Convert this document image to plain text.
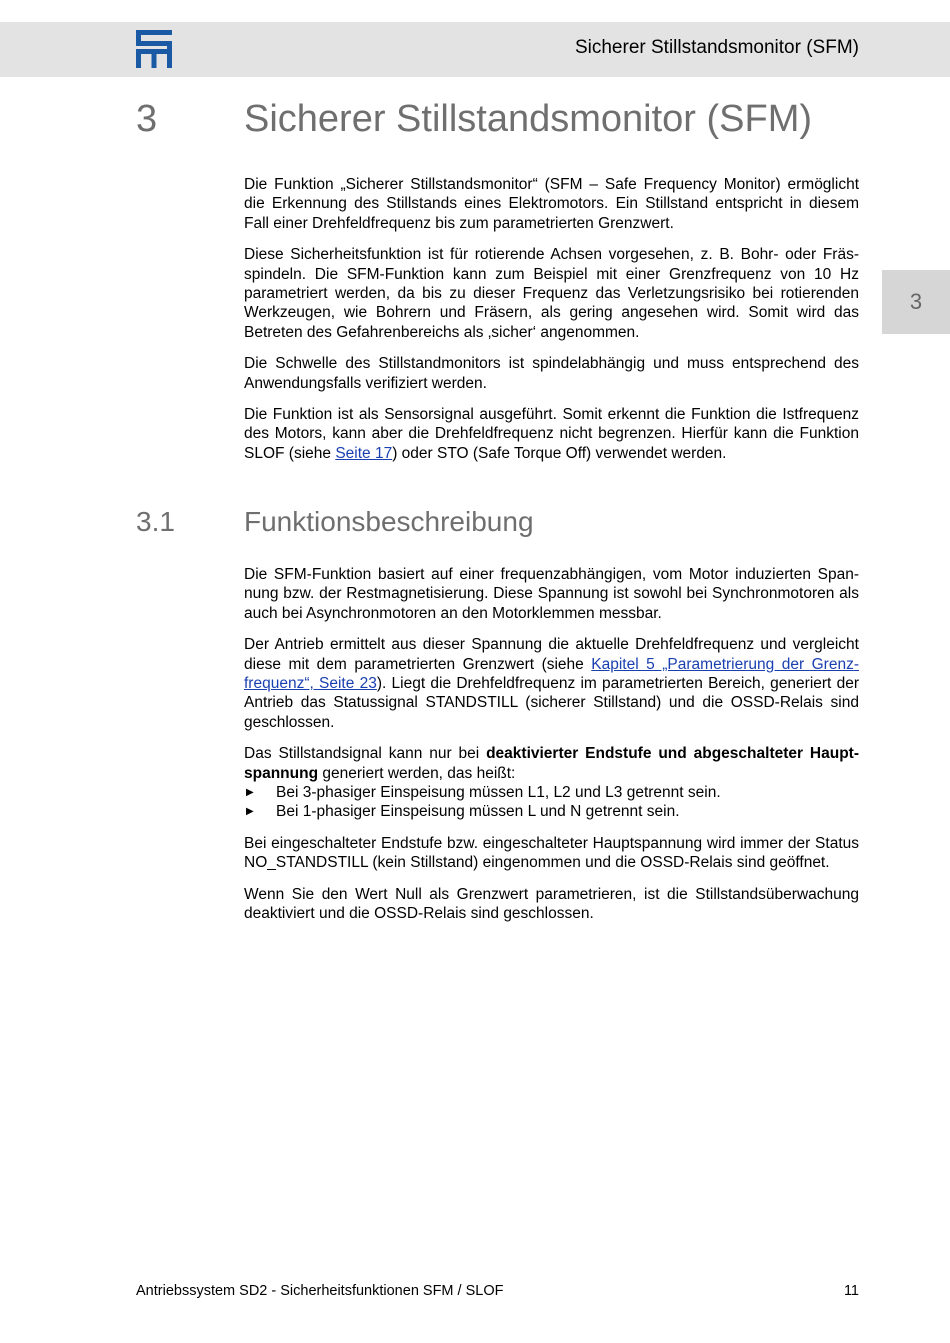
Sicherer Stillstandsmonitor (SFM)
3
3 Sicherer Stillstandsmonitor (SFM)

Die Funktion „Sicherer Stillstandsmonitor“ (SFM – Safe Frequency Monitor) ermöglicht die Erkennung des Stillstands eines Elektromotors. Ein Stillstand entspricht in diesem Fall einer Drehfeldfrequenz bis zum parametrierten Grenzwert.

Diese Sicherheitsfunktion ist für rotierende Achsen vorgesehen, z. B. Bohr- oder Frässpindeln. Die SFM-Funktion kann zum Beispiel mit einer Grenzfrequenz von 10 Hz parametriert werden, da bis zu dieser Frequenz das Verletzungsrisiko bei rotierenden Werkzeugen, wie Bohrern und Fräsern, als gering angesehen wird. Somit wird das Betreten des Gefahrenbereichs als ‚sicher‘ angenommen.

Die Schwelle des Stillstandmonitors ist spindelabhängig und muss entsprechend des Anwendungsfalls verifiziert werden.

Die Funktion ist als Sensorsignal ausgeführt. Somit erkennt die Funktion die Istfrequenz des Motors, kann aber die Drehfeldfrequenz nicht begrenzen. Hierfür kann die Funktion SLOF (siehe Seite 17) oder STO (Safe Torque Off) verwendet werden.

3.1 Funktionsbeschreibung

Die SFM-Funktion basiert auf einer frequenzabhängigen, vom Motor induzierten Spannung bzw. der Restmagnetisierung. Diese Spannung ist sowohl bei Synchronmotoren als auch bei Asynchronmotoren an den Motorklemmen messbar.

Der Antrieb ermittelt aus dieser Spannung die aktuelle Drehfeldfrequenz und vergleicht diese mit dem parametrierten Grenzwert (siehe Kapitel 5 „Parametrierung der Grenzfrequenz“, Seite 23). Liegt die Drehfeldfrequenz im parametrierten Bereich, generiert der Antrieb das Statussignal STANDSTILL (sicherer Stillstand) und die OSSD-Relais sind geschlossen.

Das Stillstandsignal kann nur bei deaktivierter Endstufe und abgeschalteter Hauptspannung generiert werden, das heißt:

▶ Bei 3-phasiger Einspeisung müssen L1, L2 und L3 getrennt sein.
▶ Bei 1-phasiger Einspeisung müssen L und N getrennt sein.

Bei eingeschalteter Endstufe bzw. eingeschalteter Hauptspannung wird immer der Status NO_STANDSTILL (kein Stillstand) eingenommen und die OSSD-Relais sind geöffnet.

Wenn Sie den Wert Null als Grenzwert parametrieren, ist die Stillstandsüberwachung deaktiviert und die OSSD-Relais sind geschlossen.

Antriebssystem SD2 - Sicherheitsfunktionen SFM / SLOF	11
